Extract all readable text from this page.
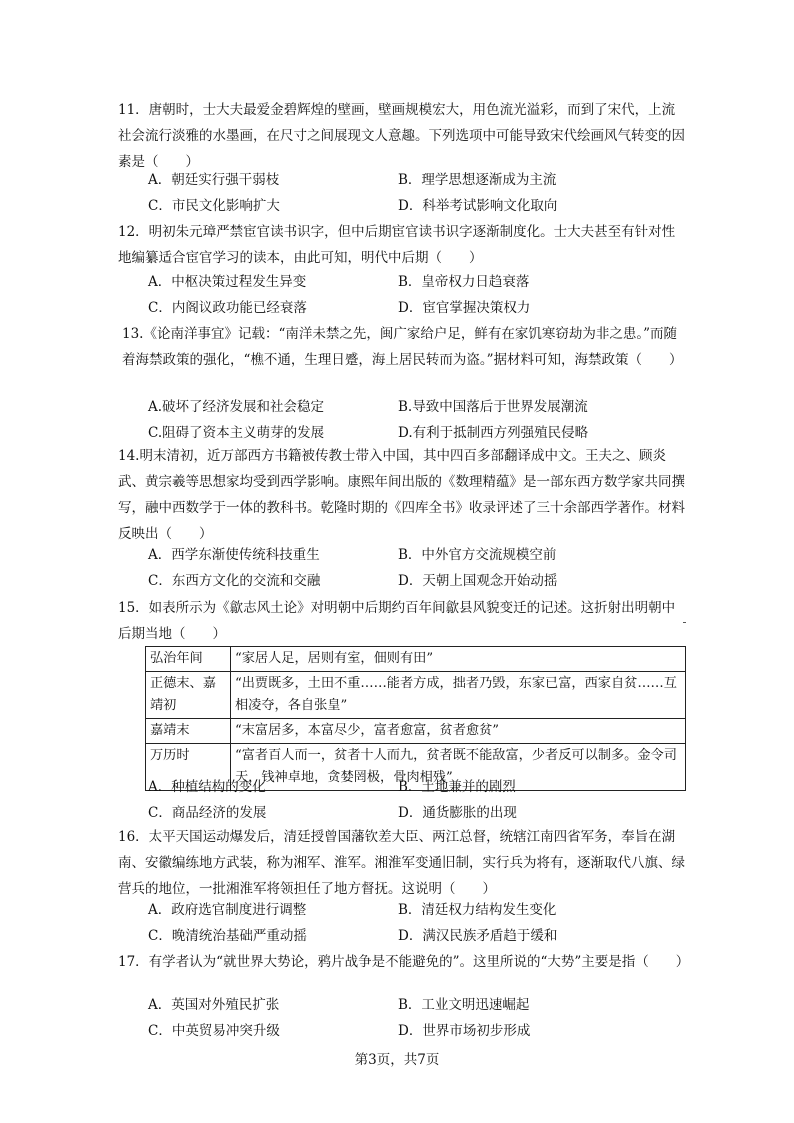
11．唐朝时，士大夫最爱金碧辉煌的壁画，壁画规模宏大，用色流光溢彩，而到了宋代，上流社会流行淡雅的水墨画，在尺寸之间展现文人意趣。下列选项中可能导致宋代绘画风气转变的因素是（　　）
A．朝廷实行强干弱枝	B．理学思想逐渐成为主流
C．市民文化影响扩大	D．科举考试影响文化取向
12．明初朱元璋严禁宦官读书识字，但中后期宦官读书识字逐渐制度化。士大夫甚至有针对性地编纂适合宦官学习的读本，由此可知，明代中后期（　　）
A．中枢决策过程发生异变	B．皇帝权力日趋衰落
C．内阁议政功能已经衰落	D．宦官掌握决策权力
13.《论南洋事宜》记载：“南洋未禁之先，闽广家给户足，鲜有在家饥寒窃劫为非之患。”而随着海禁政策的强化，“樵不通，生理日蹙，海上居民转而为盗。”据材料可知，海禁政策（　　）
A.破坏了经济发展和社会稳定	B.导致中国落后于世界发展潮流
C.阻碍了资本主义萌芽的发展	D.有利于抵制西方列强殖民侵略
14.明末清初，近万部西方书籍被传教士带入中国，其中四百多部翻译成中文。王夫之、顾炎武、黄宗羲等思想家均受到西学影响。康熙年间出版的《数理精蕴》是一部东西方数学家共同撰写，融中西数学于一体的教科书。乾隆时期的《四库全书》收录评述了三十余部西学著作。材料反映出（　　）
A．西学东渐使传统科技重生	B．中外官方交流规模空前
C．东西方文化的交流和交融	D．天朝上国观念开始动摇
15．如表所示为《歙志风土论》对明朝中后期约百年间歙县风貌变迁的记述。这折射出明朝中后期当地（　　）
弘治年间	“家居人足，居则有室，佃则有田”
正德末、嘉靖初	“出贾既多，土田不重……能者方成，拙者乃毁，东家已富，西家自贫……互相凌夺，各自张皇”
嘉靖末	“末富居多，本富尽少，富者愈富，贫者愈贫”
万历时	“富者百人而一，贫者十人而九，贫者既不能敌富，少者反可以制多。金令司天，钱神卓地，贪婪罔极，骨肉相残”
A．种植结构的变化	B．土地兼并的剧烈
C．商品经济的发展	D．通货膨胀的出现
16．太平天国运动爆发后，清廷授曾国藩钦差大臣、两江总督，统辖江南四省军务，奉旨在湖南、安徽编练地方武装，称为湘军、淮军。湘淮军变通旧制，实行兵为将有，逐渐取代八旗、绿营兵的地位，一批湘淮军将领担任了地方督抚。这说明（　　）
A．政府选官制度进行调整	B．清廷权力结构发生变化
C．晚清统治基础严重动摇	D．满汉民族矛盾趋于缓和
17．有学者认为“就世界大势论，鸦片战争是不能避免的”。这里所说的“大势”主要是指（　　）
A．英国对外殖民扩张	B．工业文明迅速崛起
C．中英贸易冲突升级	D．世界市场初步形成
第3页，共7页
